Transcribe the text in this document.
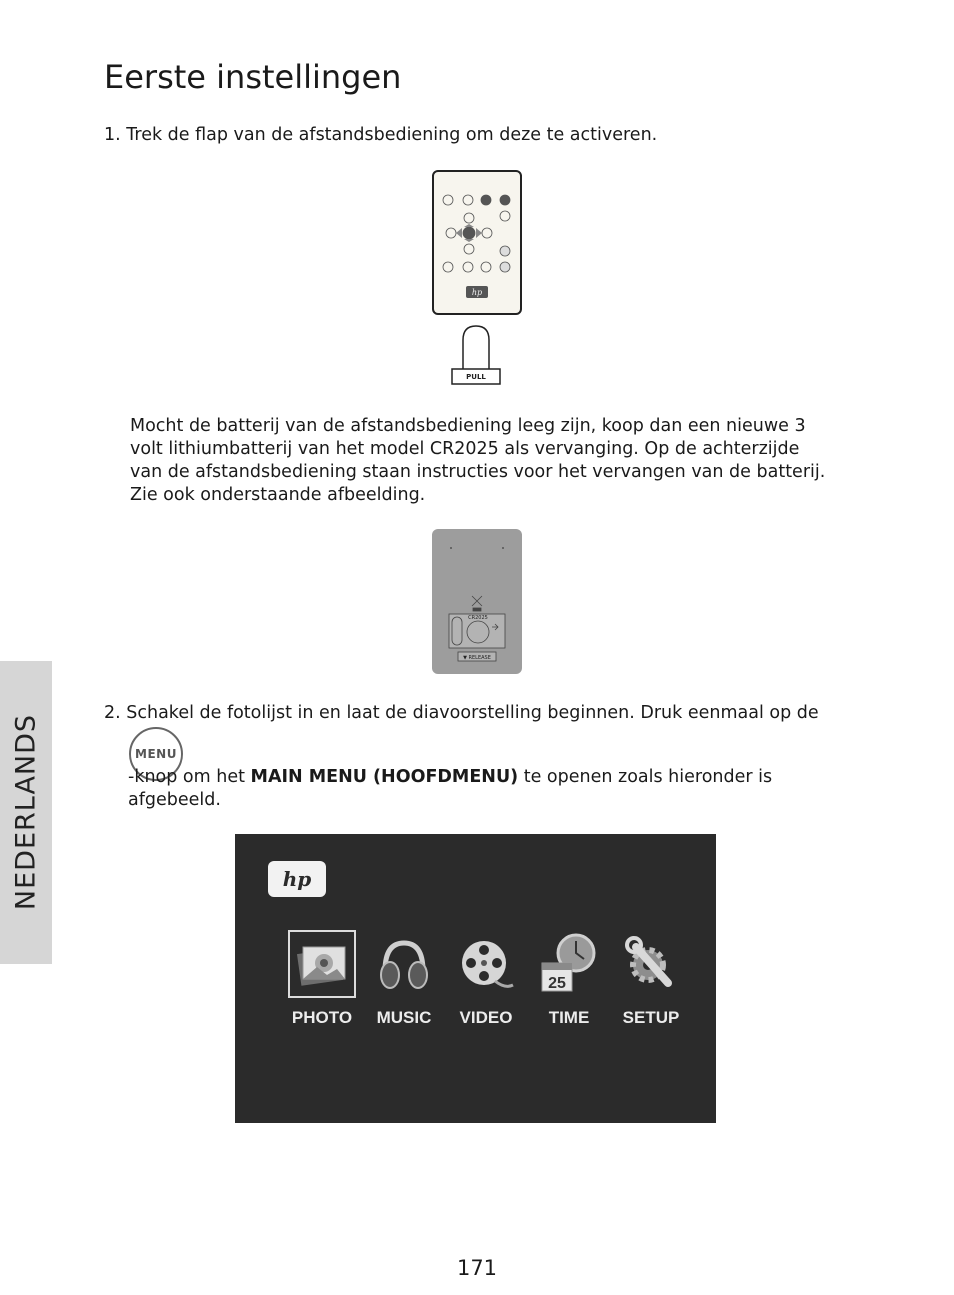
NEDERLANDS
Eerste instellingen

1. Trek de flap van de afstandsbediening om deze te activeren.

hp
PULL

Mocht de batterij van de afstandsbediening leeg zijn, koop dan een nieuwe 3 volt lithiumbatterij van het model CR2025 als vervanging. Op de achterzijde van de afstandsbediening staan instructies voor het vervangen van de batterij. Zie ook onderstaande afbeelding.

CR2025
▼ RELEASE

2. Schakel de fotolijst in en laat de diavoorstelling beginnen. Druk eenmaal op de

MENU

-knop om het MAIN MENU (HOOFDMENU) te openen zoals hieronder is afgebeeld.

hp
PHOTO	MUSIC	VIDEO
25
TIME	SETUP
171
